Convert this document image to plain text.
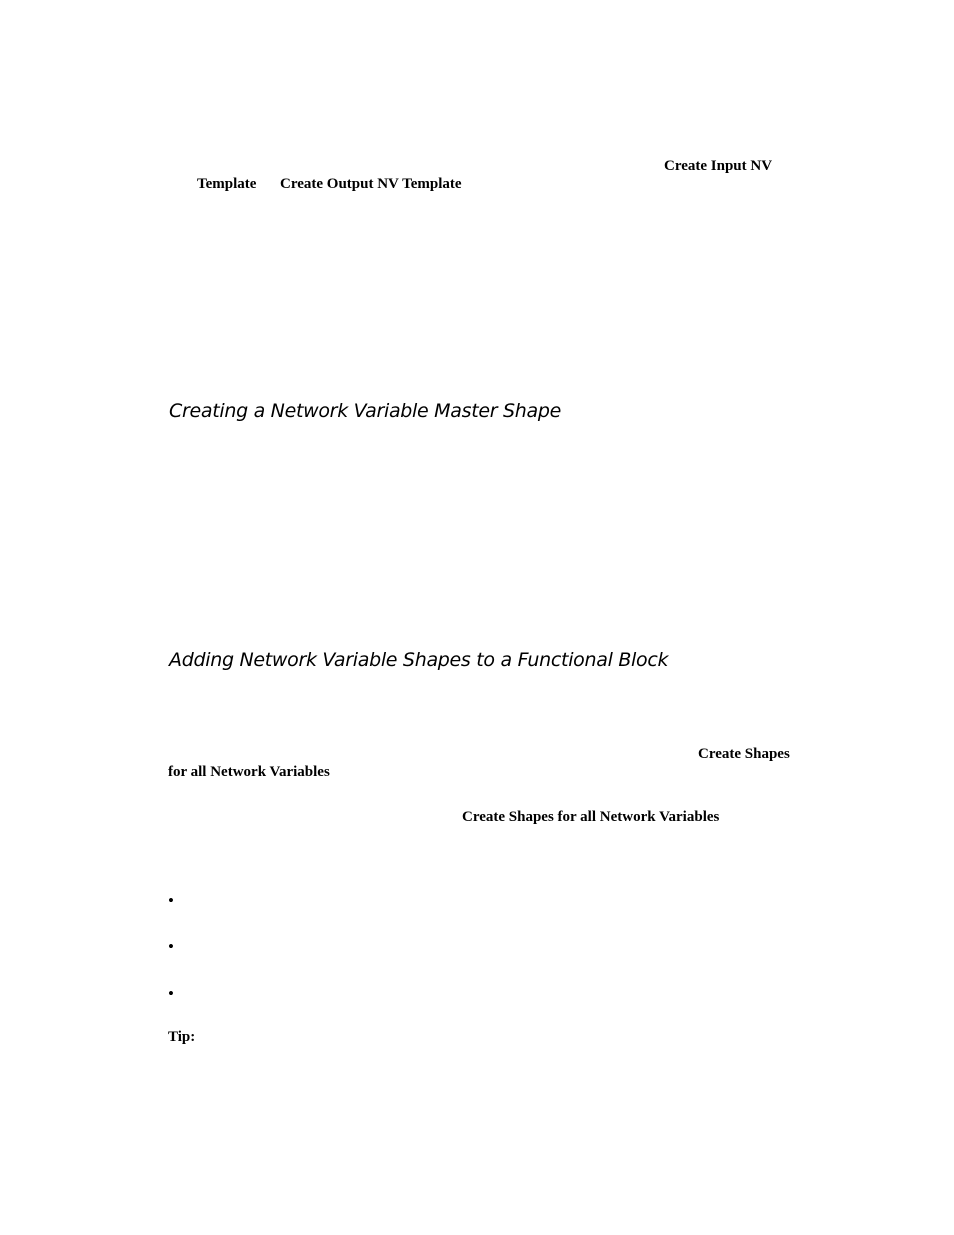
Create Input NV
Template Create Output NV Template
Creating a Network Variable Master Shape
Adding Network Variable Shapes to a Functional Block
Create Shapes
for all Network Variables
Create Shapes for all Network Variables
•
•
•
Tip:
